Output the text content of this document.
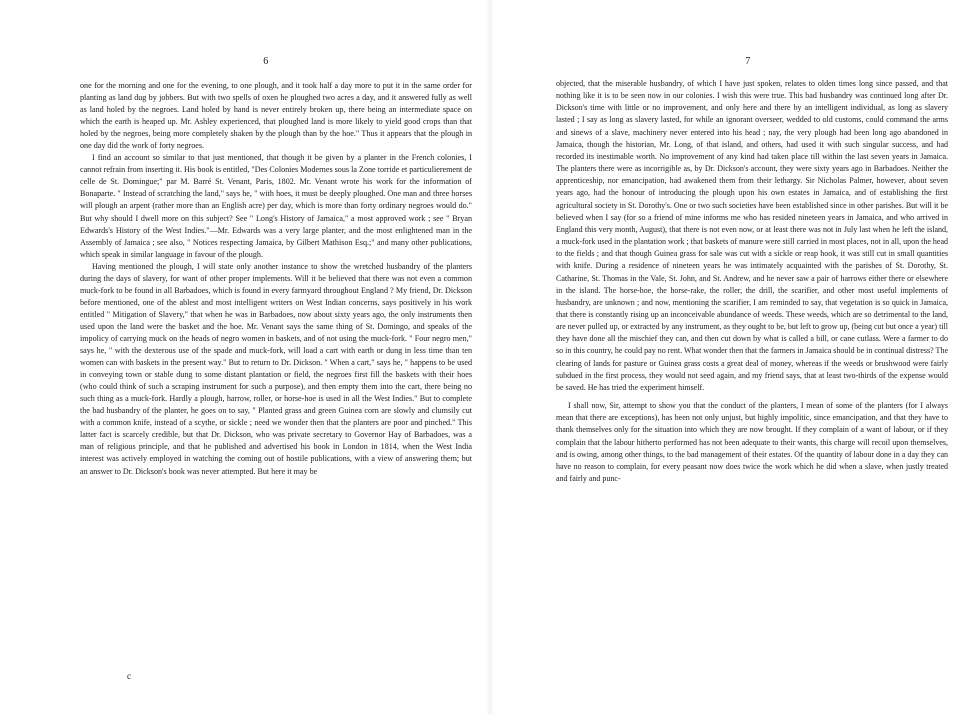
6

one for the morning and one for the evening, to one plough, and it took half a day more to put it in the same order for planting as land dug by jobbers. But with two spells of oxen he ploughed two acres a day, and it answered fully as well as land holed by the negroes. Land holed by hand is never entirely broken up, there being an intermediate space on which the earth is heaped up. Mr. Ashley experienced, that ploughed land is more likely to yield good crops than that holed by the negroes, being more completely shaken by the plough than by the hoe." Thus it appears that the plough in one day did the work of forty negroes.

I find an account so similar to that just mentioned, that though it be given by a planter in the French colonies, I cannot refrain from inserting it. His book is entitled, "Des Colonies Modernes sous la Zone torride et particulierement de celle de St. Domingue;" par M. Barré St. Venant, Paris, 1802. Mr. Venant wrote his work for the information of Bonaparte. " Instead of scratching the land," says he, " with hoes, it must be deeply ploughed. One man and three horses will plough an arpent (rather more than an English acre) per day, which is more than forty ordinary negroes would do." But why should I dwell more on this subject? See " Long's History of Jamaica," a most approved work ; see " Bryan Edwards's History of the West Indies."—Mr. Edwards was a very large planter, and the most enlightened man in the Assembly of Jamaica ; see also, " Notices respecting Jamaica, by Gilbert Mathison Esq.;" and many other publications, which speak in similar language in favour of the plough.

Having mentioned the plough, I will state only another instance to show the wretched husbandry of the planters during the days of slavery, for want of other proper implements. Will it be believed that there was not even a common muck-fork to be found in all Barbadoes, which is found in every farmyard throughout England ? My friend, Dr. Dickson before mentioned, one of the ablest and most intelligent writers on West Indian concerns, says positively in his work entitled " Mitigation of Slavery," that when he was in Barbadoes, now about sixty years ago, the only instruments then used upon the land were the basket and the hoe. Mr. Venant says the same thing of St. Domingo, and speaks of the impolicy of carrying muck on the heads of negro women in baskets, and of not using the muck-fork. " Four negro men," says he, " with the dexterous use of the spade and muck-fork, will load a cart with earth or dung in less time than ten women can with baskets in the present way." But to return to Dr. Dickson. " When a cart," says he, " happens to be used in conveying town or stable dung to some distant plantation or field, the negroes first fill the baskets with their hoes (who could think of such a scraping instrument for such a purpose), and then empty them into the cart, there being no such thing as a muck-fork. Hardly a plough, harrow, roller, or horse-hoe is used in all the West Indies." But to complete the bad husbandry of the planter, he goes on to say, " Planted grass and green Guinea corn are slowly and clumsily cut with a common knife, instead of a scythe, or sickle ; need we wonder then that the planters are poor and pinched." This latter fact is scarcely credible, but that Dr. Dickson, who was private secretary to Governor Hay of Barbadoes, was a man of religious principle, and that he published and advertised his book in London in 1814, when the West India interest was actively employed in watching the coming out of hostile publications, with a view of answering them; but an answer to Dr. Dickson's book was never attempted. But here it may be

c
7

objected, that the miserable husbandry, of which I have just spoken, relates to olden times long since passed, and that nothing like it is to be seen now in our colonies. I wish this were true. This bad husbandry was continued long after Dr. Dickson's time with little or no improvement, and only here and there by an intelligent individual, as long as slavery lasted ; I say as long as slavery lasted, for while an ignorant overseer, wedded to old customs, could command the arms and sinews of a slave, machinery never entered into his head ; nay, the very plough had been long ago abandoned in Jamaica, though the historian, Mr. Long, of that island, and others, had used it with such singular success, and had recorded its inestimable worth. No improvement of any kind had taken place till within the last seven years in Jamaica. The planters there were as incorrigible as, by Dr. Dickson's account, they were sixty years ago in Barbadoes. Neither the apprenticeship, nor emancipation, had awakened them from their lethargy. Sir Nicholas Palmer, however, about seven years ago, had the honour of introducing the plough upon his own estates in Jamaica, and of establishing the first agricultural society in St. Dorothy's. One or two such societies have been established since in other parishes. But will it be believed when I say (for so a friend of mine informs me who has resided nineteen years in Jamaica, and who arrived in England this very month, August), that there is not even now, or at least there was not in July last when he left the island, a muck-fork used in the plantation work ; that baskets of manure were still carried in most places, not in all, upon the head to the fields ; and that though Guinea grass for sale was cut with a sickle or reap hook, it was still cut in small quantities with knife. During a residence of nineteen years he was intimately acquainted with the parishes of St. Dorothy, St. Catharine, St. Thomas in the Vale, St. John, and St. Andrew, and he never saw a pair of harrows either there or elsewhere in the island. The horse-hoe, the horse-rake, the roller, the drill, the scarifier, and other most useful implements of husbandry, are unknown ; and now, mentioning the scarifier, I am reminded to say, that vegetation is so quick in Jamaica, that there is constantly rising up an inconceivable abundance of weeds. These weeds, which are so detrimental to the land, are never pulled up, or extracted by any instrument, as they ought to be, but left to grow up, (being cut but once a year) till they have done all the mischief they can, and then cut down by what is called a bill, or cane cutlass. Were a farmer to do so in this country, he could pay no rent. What wonder then that the farmers in Jamaica should be in continual distress? The clearing of lands for pasture or Guinea grass costs a great deal of money, whereas if the weeds or brushwood were fairly subdued in the first process, they would not seed again, and my friend says, that at least two-thirds of the expense would be saved. He has tried the experiment himself.

I shall now, Sir, attempt to show you that the conduct of the planters, I mean of some of the planters (for I always mean that there are exceptions), has been not only unjust, but highly impolitic, since emancipation, and that they have to thank themselves only for the situation into which they are now brought. If they complain of a want of labour, or if they complain that the labour hitherto performed has not been adequate to their wants, this charge will recoil upon themselves, and is owing, among other things, to the bad management of their estates. Of the quantity of labour done in a day they can have no reason to complain, for every peasant now does twice the work which he did when a slave, when justly treated and fairly and punc-
